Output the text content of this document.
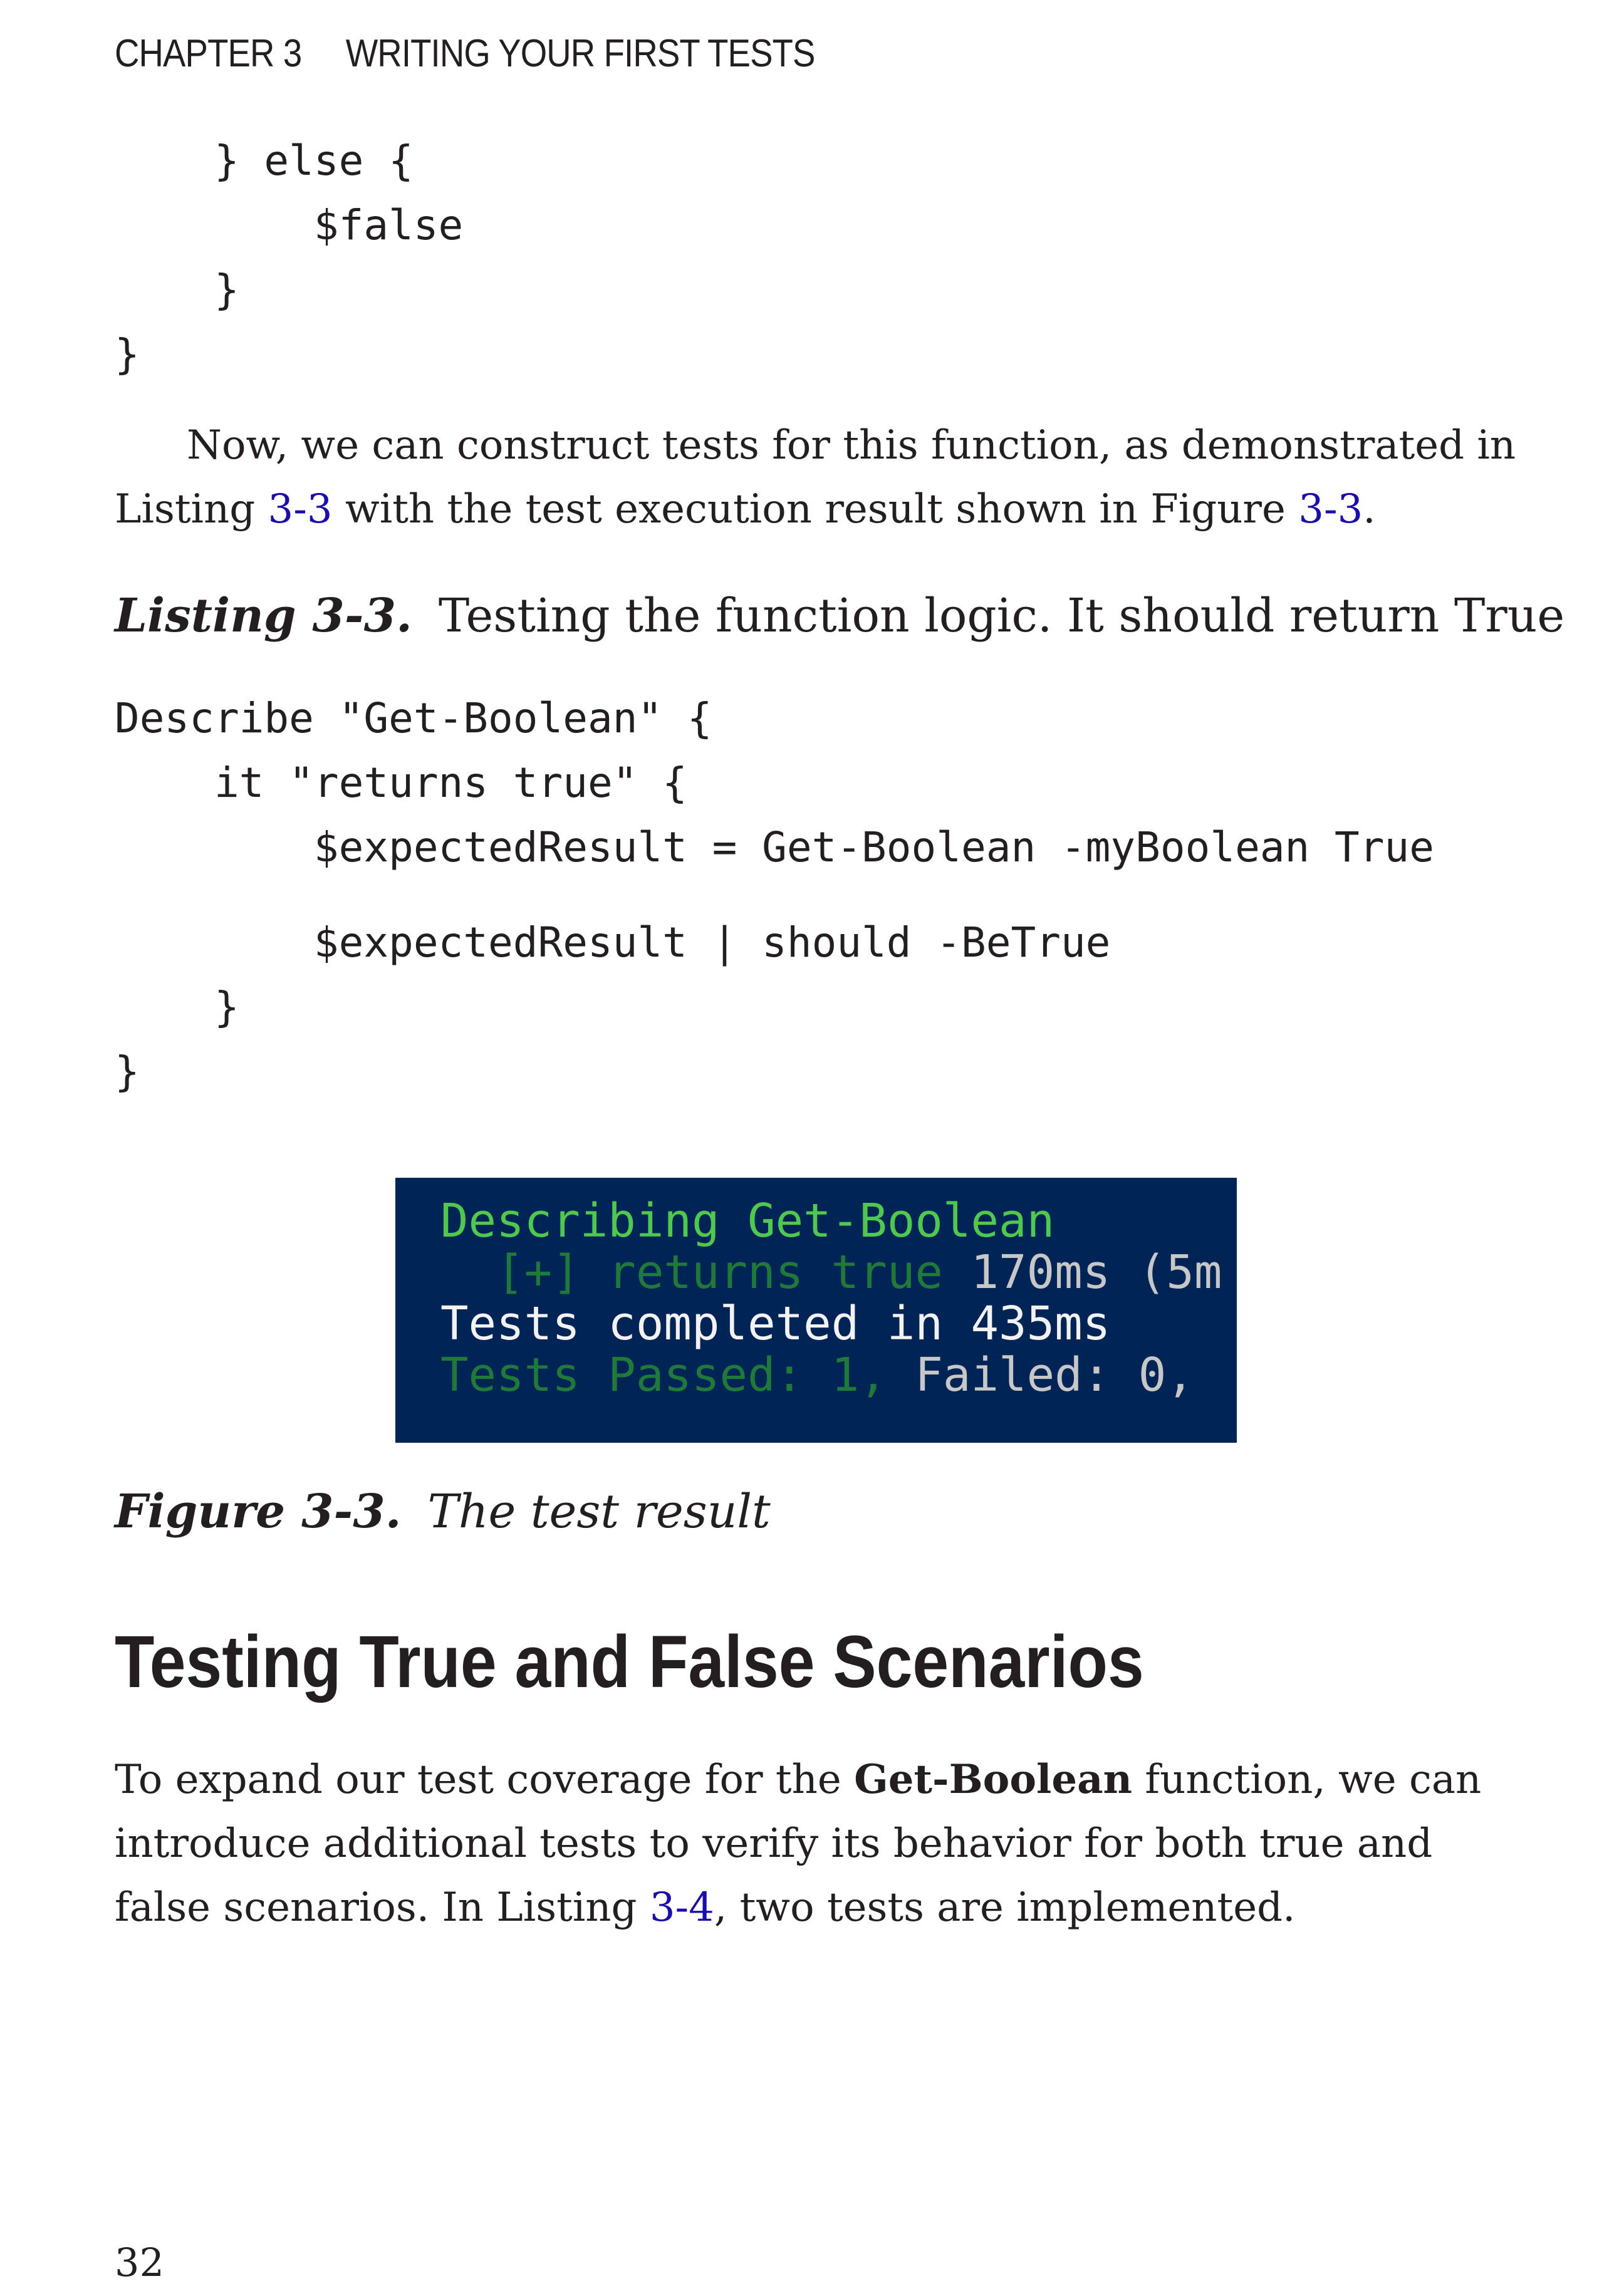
CHAPTER 3 WRITING YOUR FIRST TESTS
} else {
$false
}
}

Now, we can construct tests for this function, as demonstrated in Listing 3-3 with the test execution result shown in Figure 3-3.

Listing 3-3. Testing the function logic. It should return True
Describe "Get-Boolean" {
it "returns true" {
$expectedResult = Get-Boolean -myBoolean True
$expectedResult | should -BeTrue
}
}
Describing Get-Boolean
[+] returns true 170ms (5m
Tests completed in 435ms
Tests Passed: 1, Failed: 0,
Figure 3-3. The test result
Testing True and False Scenarios

To expand our test coverage for the Get-Boolean function, we can introduce additional tests to verify its behavior for both true and false scenarios. In Listing 3-4, two tests are implemented.

32
